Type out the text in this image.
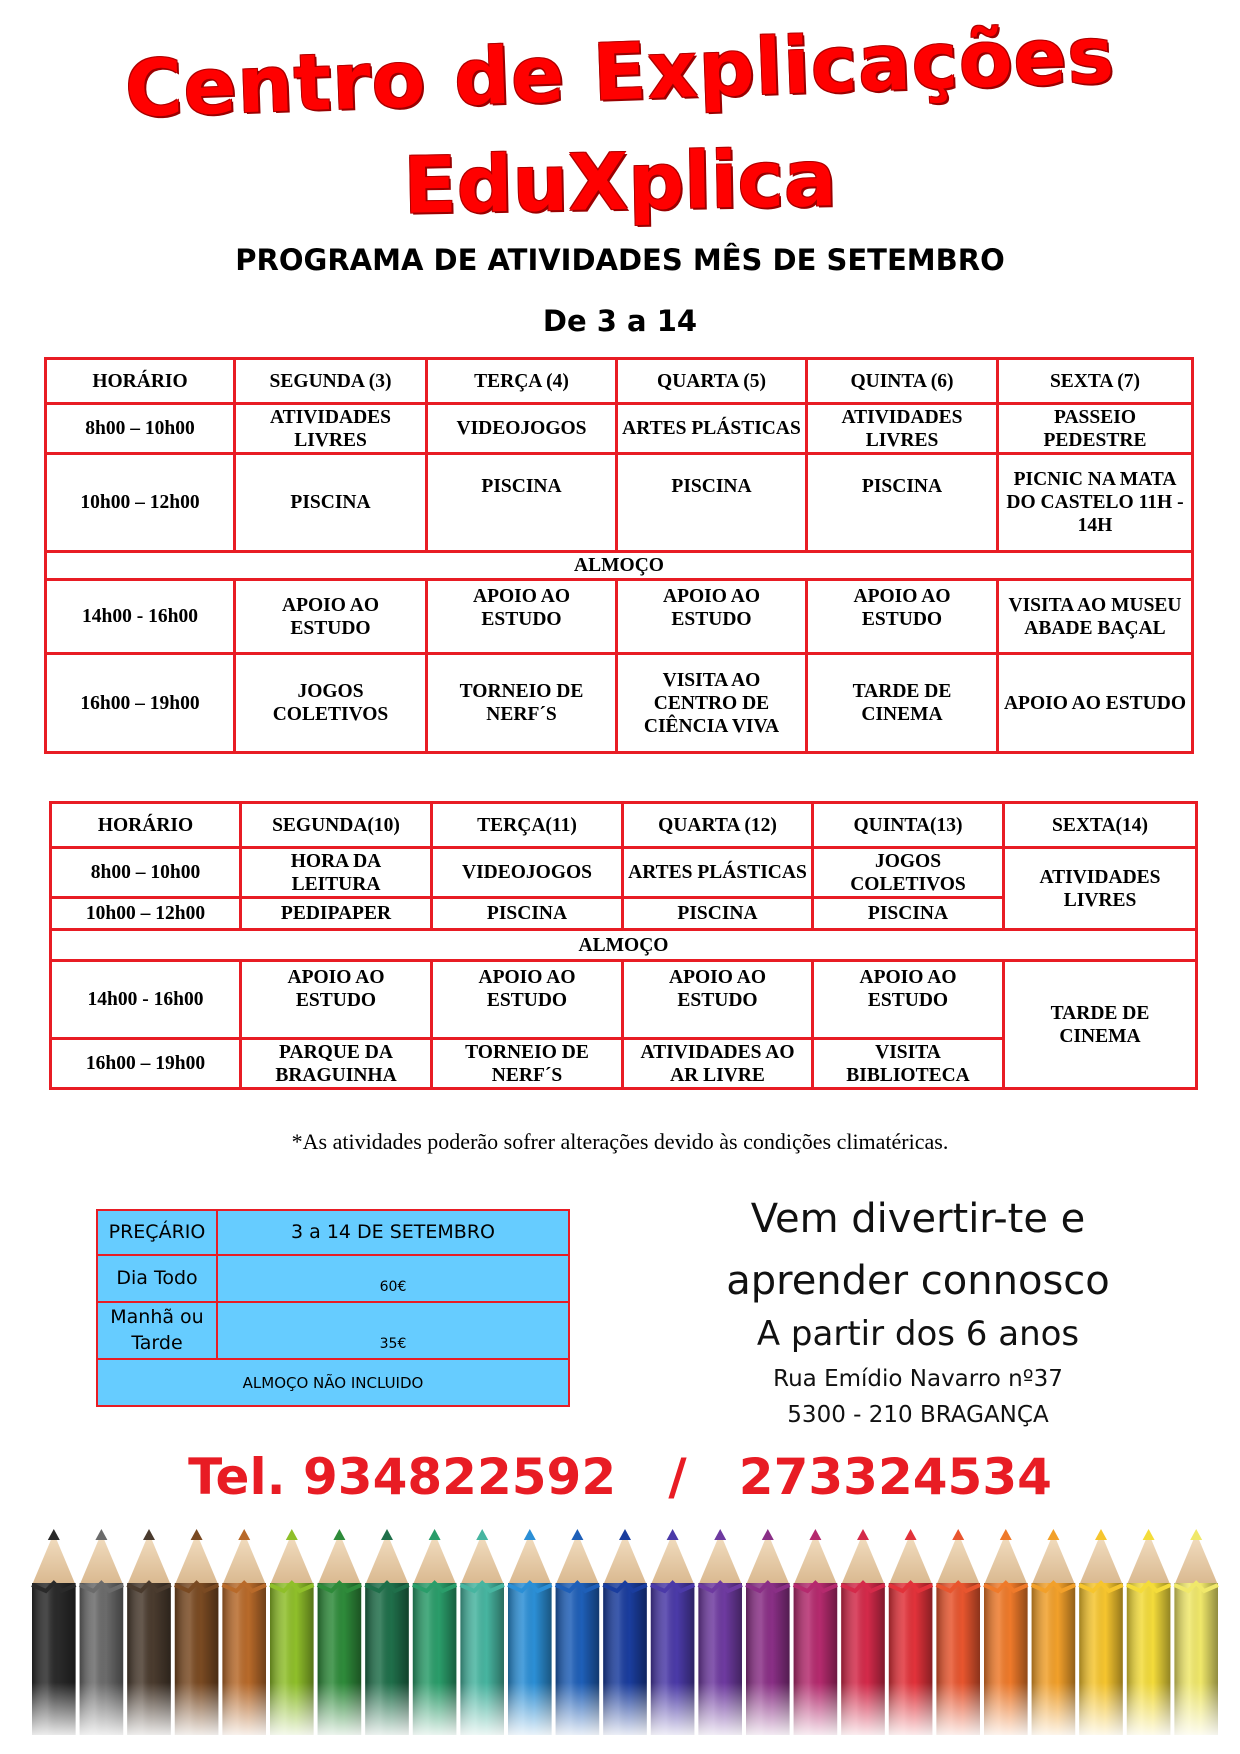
Centro de Explicações
EduXplica

PROGRAMA DE ATIVIDADES MÊS DE SETEMBRO

De 3 a 14

HORÁRIO	SEGUNDA (3)	TERÇA (4)	QUARTA (5)	QUINTA (6)	SEXTA (7)
8h00 – 10h00	ATIVIDADES LIVRES	VIDEOJOGOS	ARTES PLÁSTICAS	ATIVIDADES LIVRES	PASSEIO PEDESTRE
10h00 – 12h00	PISCINA	PISCINA	PISCINA	PISCINA	PICNIC NA MATA DO CASTELO 11H - 14H
ALMOÇO					
14h00 - 16h00	APOIO AO ESTUDO	APOIO AO ESTUDO	APOIO AO ESTUDO	APOIO AO ESTUDO	VISITA AO MUSEU ABADE BAÇAL
16h00 – 19h00	JOGOS COLETIVOS	TORNEIO DE NERF´S	VISITA AO CENTRO DE CIÊNCIA VIVA	TARDE DE CINEMA	APOIO AO ESTUDO
HORÁRIO	SEGUNDA(10)	TERÇA(11)	QUARTA (12)	QUINTA(13)	SEXTA(14)
8h00 – 10h00	HORA DA LEITURA	VIDEOJOGOS	ARTES PLÁSTICAS	JOGOS COLETIVOS	ATIVIDADES LIVRES
10h00 – 12h00	PEDIPAPER	PISCINA	PISCINA	PISCINA	
ALMOÇO					
14h00 - 16h00	APOIO AO ESTUDO	APOIO AO ESTUDO	APOIO AO ESTUDO	APOIO AO ESTUDO	TARDE DE CINEMA
16h00 – 19h00	PARQUE DA BRAGUINHA	TORNEIO DE NERF´S	ATIVIDADES AO AR LIVRE	VISITA BIBLIOTECA	

*As atividades poderão sofrer alterações devido às condições climatéricas.

PREÇÁRIO	3 a 14 DE SETEMBRO
Dia Todo	60€
Manhã ou Tarde	35€
ALMOÇO NÃO INCLUIDO	

Vem divertir-te e

aprender connosco

A partir dos 6 anos

Rua Emídio Navarro nº37

5300 - 210 BRAGANÇA

Tel. 934822592   /   273324534
